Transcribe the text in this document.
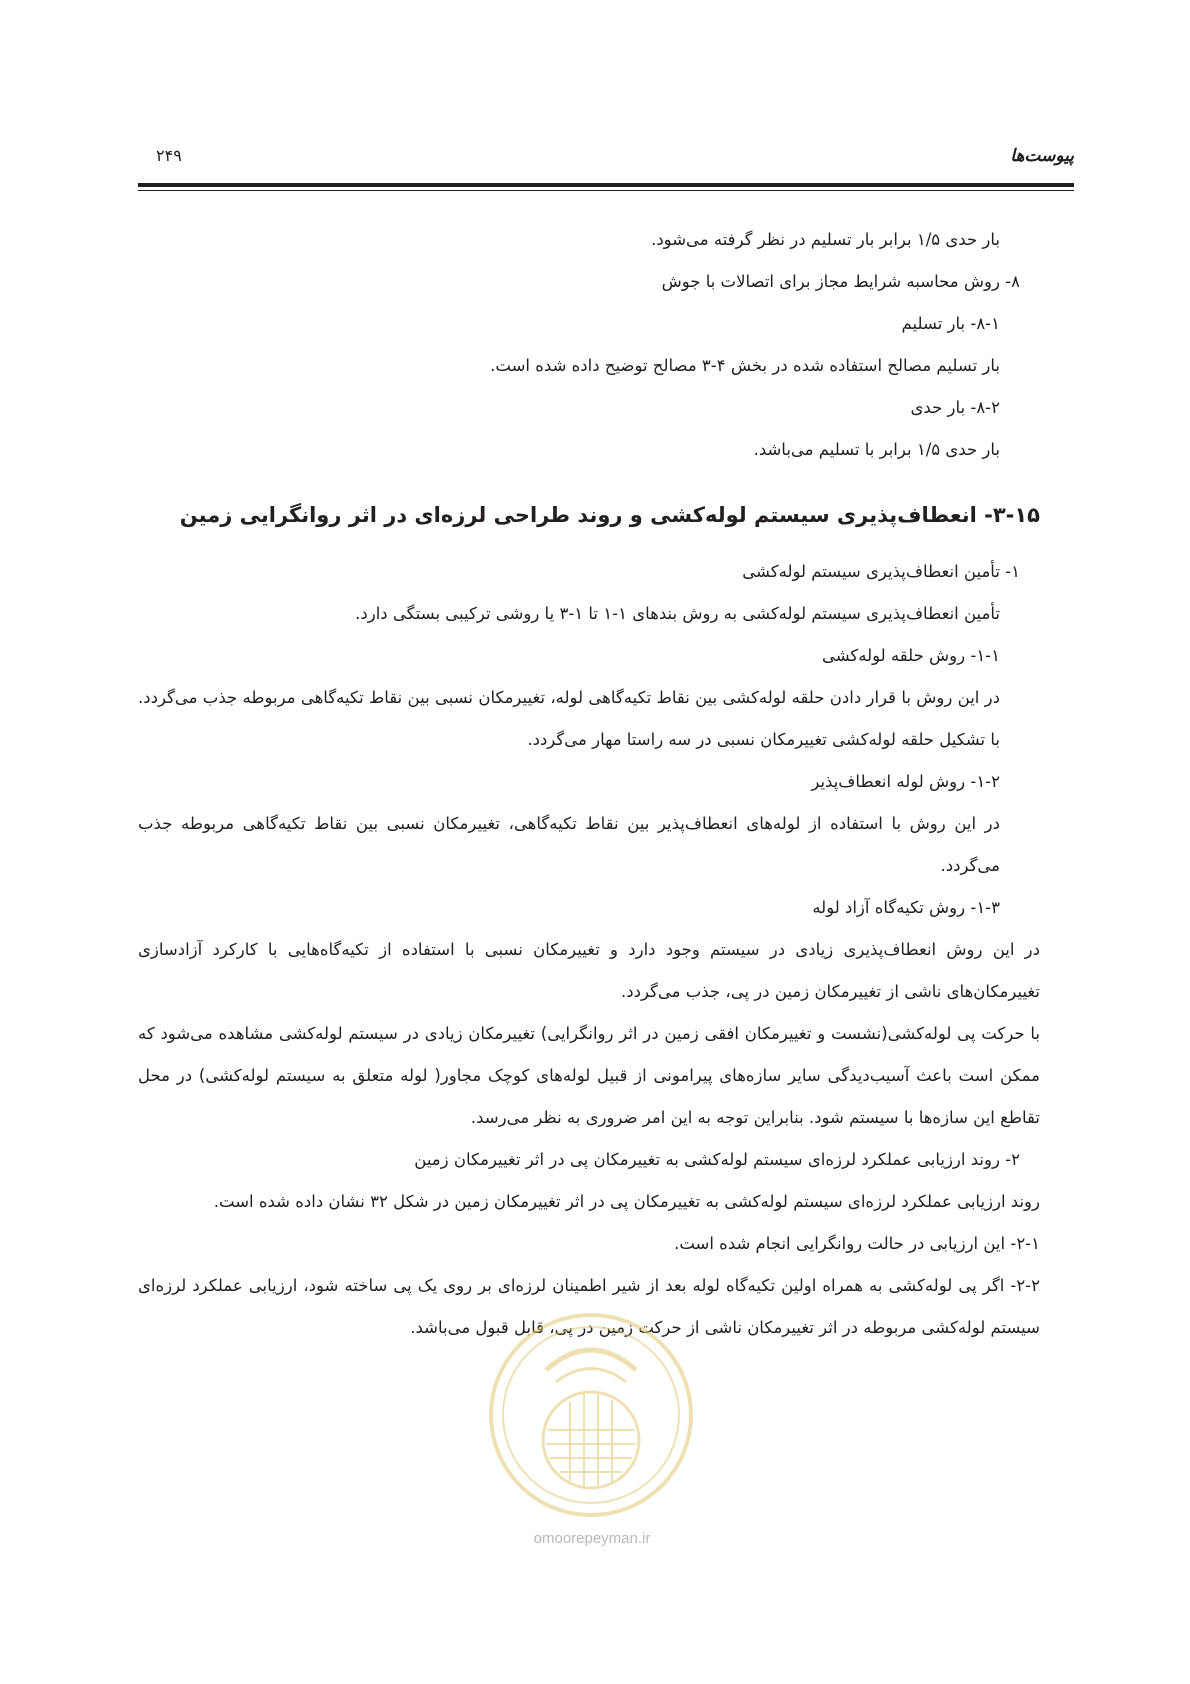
پیوست‌ها
۲۴۹

بار حدی ۱/۵ برابر بار تسلیم در نظر گرفته می‌شود.

۸- روش محاسبه شرایط مجاز برای اتصالات با جوش

۸-۱- بار تسلیم

بار تسلیم مصالح استفاده شده در بخش ۴-۳ مصالح توضیح داده شده است.

۸-۲- بار حدی

بار حدی ۱/۵ برابر با تسلیم می‌باشد.

۳-۱۵- انعطاف‌پذیری سیستم لوله‌کشی و روند طراحی لرزه‌ای در اثر روانگرایی زمین

۱- تأمین انعطاف‌پذیری سیستم لوله‌کشی

تأمین انعطاف‌پذیری سیستم لوله‌کشی به روش بندهای ۱-۱ تا ۱-۳ یا روشی ترکیبی بستگی دارد.

۱-۱- روش حلقه لوله‌کشی

در این روش با قرار دادن حلقه لوله‌کشی بین نقاط تکیه‌گاهی لوله، تغییرمکان نسبی بین نقاط تکیه‌گاهی مربوطه جذب می‌گردد. با تشکیل حلقه لوله‌کشی تغییرمکان نسبی در سه راستا مهار می‌گردد.

۱-۲- روش لوله انعطاف‌پذیر

در این روش با استفاده از لوله‌های انعطاف‌پذیر بین نقاط تکیه‌گاهی، تغییرمکان نسبی بین نقاط تکیه‌گاهی مربوطه جذب می‌گردد.

۱-۳- روش تکیه‌گاه آزاد لوله

در این روش انعطاف‌پذیری زیادی در سیستم وجود دارد و تغییرمکان نسبی با استفاده از تکیه‌گاه‌هایی با کارکرد آزادسازی تغییرمکان‌های ناشی از تغییرمکان زمین در پی، جذب می‌گردد.

با حرکت پی لوله‌کشی(نشست و تغییرمکان افقی زمین در اثر روانگرایی) تغییرمکان زیادی در سیستم لوله‌کشی مشاهده می‌شود که ممکن است باعث آسیب‌دیدگی سایر سازه‌های پیرامونی از قبیل لوله‌های کوچک مجاور( لوله متعلق به سیستم لوله‌کشی) در محل تقاطع این سازه‌ها با سیستم شود. بنابراین توجه به این امر ضروری به نظر می‌رسد.

۲- روند ارزیابی عملکرد لرزه‌ای سیستم لوله‌کشی به تغییرمکان پی در اثر تغییرمکان زمین

روند ارزیابی عملکرد لرزه‌ای سیستم لوله‌کشی به تغییرمکان پی در اثر تغییرمکان زمین در شکل ۳۲ نشان داده شده است.

۲-۱- این ارزیابی در حالت روانگرایی انجام شده است.

۲-۲- اگر پی لوله‌کشی به همراه اولین تکیه‌گاه لوله بعد از شیر اطمینان لرزه‌ای بر روی یک پی ساخته شود، ارزیابی عملکرد لرزه‌ای سیستم لوله‌کشی مربوطه در اثر تغییرمکان ناشی از حرکت زمین در پی، قابل قبول می‌باشد.

omoorepeyman.ir
